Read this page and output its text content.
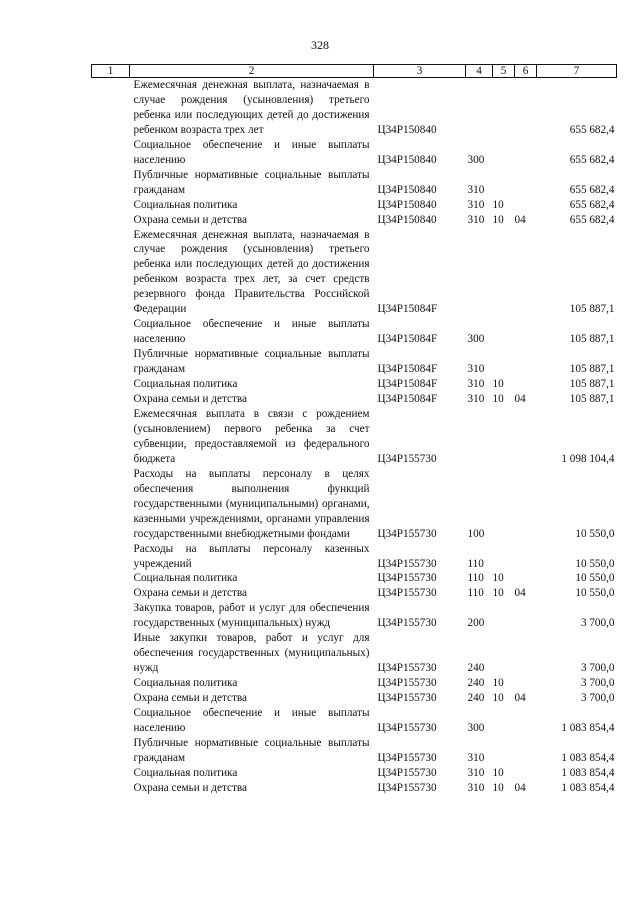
328
1	2	3	4	5	6	7
	Ежемесячная денежная выплата, назначаемая в случае рождения (усыновления) третьего ребенка или последующих детей до достижения ребенком возраста трех лет	Ц34Р150840				655 682,4
	Социальное обеспечение и иные выплаты населению	Ц34Р150840	300			655 682,4
	Публичные нормативные социальные выплаты гражданам	Ц34Р150840	310			655 682,4
	Социальная политика	Ц34Р150840	310	10		655 682,4
	Охрана семьи и детства	Ц34Р150840	310	10	04	655 682,4
	Ежемесячная денежная выплата, назначаемая в случае рождения (усыновления) третьего ребенка или последующих детей до достижения ребенком возраста трех лет, за счет средств резервного фонда Правительства Российской Федерации	Ц34Р15084F				105 887,1
	Социальное обеспечение и иные выплаты населению	Ц34Р15084F	300			105 887,1
	Публичные нормативные социальные выплаты гражданам	Ц34Р15084F	310			105 887,1
	Социальная политика	Ц34Р15084F	310	10		105 887,1
	Охрана семьи и детства	Ц34Р15084F	310	10	04	105 887,1
	Ежемесячная выплата в связи с рождением (усыновлением) первого ребенка за счет субвенции, предоставляемой из федерального бюджета	Ц34Р155730				1 098 104,4
	Расходы на выплаты персоналу в целях обеспечения выполнения функций государственными (муниципальными) органами, казенными учреждениями, органами управления государственными внебюджетными фондами	Ц34Р155730	100			10 550,0
	Расходы на выплаты персоналу казенных учреждений	Ц34Р155730	110			10 550,0
	Социальная политика	Ц34Р155730	110	10		10 550,0
	Охрана семьи и детства	Ц34Р155730	110	10	04	10 550,0
	Закупка товаров, работ и услуг для обеспечения государственных (муниципальных) нужд	Ц34Р155730	200			3 700,0
	Иные закупки товаров, работ и услуг для обеспечения государственных (муниципальных) нужд	Ц34Р155730	240			3 700,0
	Социальная политика	Ц34Р155730	240	10		3 700,0
	Охрана семьи и детства	Ц34Р155730	240	10	04	3 700,0
	Социальное обеспечение и иные выплаты населению	Ц34Р155730	300			1 083 854,4
	Публичные нормативные социальные выплаты гражданам	Ц34Р155730	310			1 083 854,4
	Социальная политика	Ц34Р155730	310	10		1 083 854,4
	Охрана семьи и детства	Ц34Р155730	310	10	04	1 083 854,4
